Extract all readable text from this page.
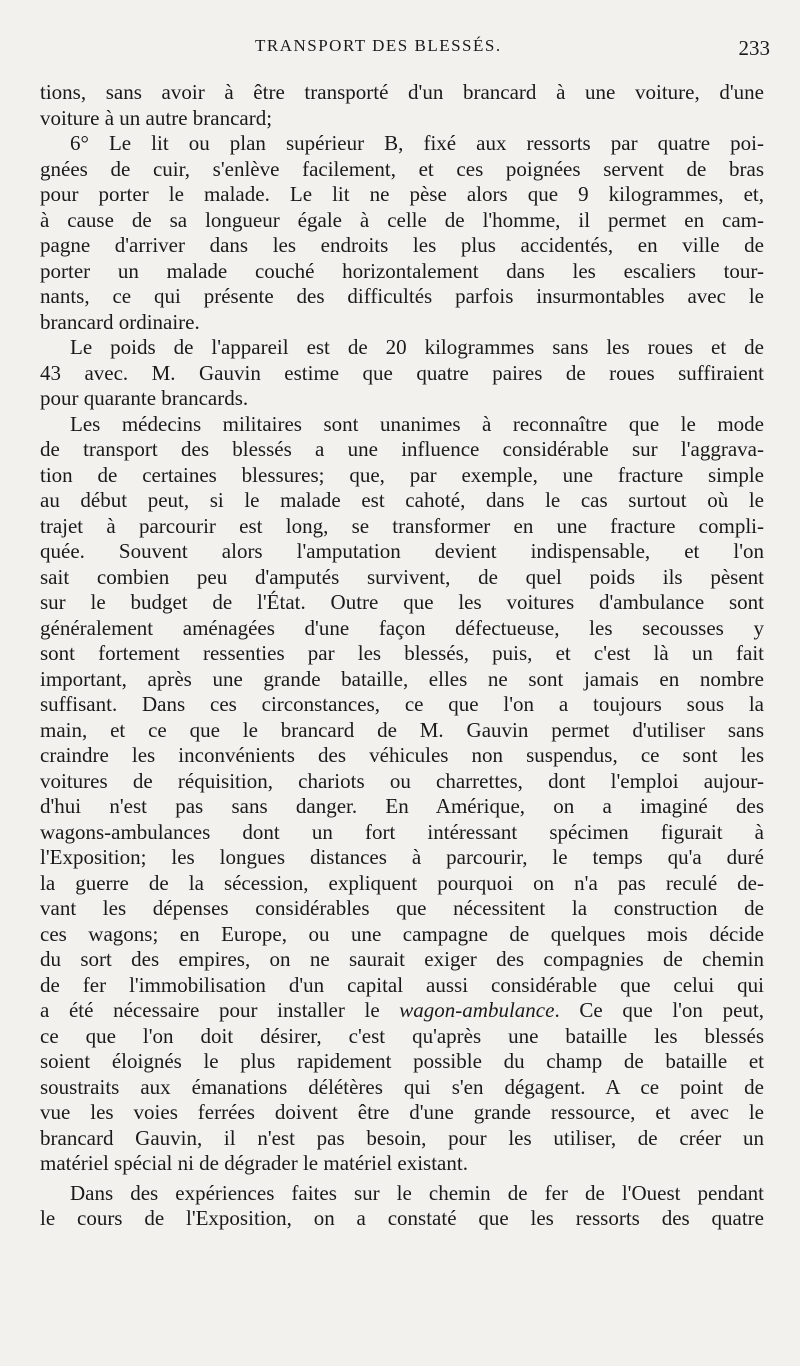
TRANSPORT DES BLESSÉS.	233
tions, sans avoir à être transporté d'un brancard à une voiture, d'une
voiture à un autre brancard;
6° Le lit ou plan supérieur B, fixé aux ressorts par quatre poi-
gnées de cuir, s'enlève facilement, et ces poignées servent de bras
pour porter le malade. Le lit ne pèse alors que 9 kilogrammes, et,
à cause de sa longueur égale à celle de l'homme, il permet en cam-
pagne d'arriver dans les endroits les plus accidentés, en ville de
porter un malade couché horizontalement dans les escaliers tour-
nants, ce qui présente des difficultés parfois insurmontables avec le
brancard ordinaire.
Le poids de l'appareil est de 20 kilogrammes sans les roues et de
43 avec. M. Gauvin estime que quatre paires de roues suffiraient
pour quarante brancards.
Les médecins militaires sont unanimes à reconnaître que le mode
de transport des blessés a une influence considérable sur l'aggrava-
tion de certaines blessures; que, par exemple, une fracture simple
au début peut, si le malade est cahoté, dans le cas surtout où le
trajet à parcourir est long, se transformer en une fracture compli-
quée. Souvent alors l'amputation devient indispensable, et l'on
sait combien peu d'amputés survivent, de quel poids ils pèsent
sur le budget de l'État. Outre que les voitures d'ambulance sont
généralement aménagées d'une façon défectueuse, les secousses y
sont fortement ressenties par les blessés, puis, et c'est là un fait
important, après une grande bataille, elles ne sont jamais en nombre
suffisant. Dans ces circonstances, ce que l'on a toujours sous la
main, et ce que le brancard de M. Gauvin permet d'utiliser sans
craindre les inconvénients des véhicules non suspendus, ce sont les
voitures de réquisition, chariots ou charrettes, dont l'emploi aujour-
d'hui n'est pas sans danger. En Amérique, on a imaginé des
wagons-ambulances dont un fort intéressant spécimen figurait à
l'Exposition; les longues distances à parcourir, le temps qu'a duré
la guerre de la sécession, expliquent pourquoi on n'a pas reculé de-
vant les dépenses considérables que nécessitent la construction de
ces wagons; en Europe, ou une campagne de quelques mois décide
du sort des empires, on ne saurait exiger des compagnies de chemin
de fer l'immobilisation d'un capital aussi considérable que celui qui
a été nécessaire pour installer le wagon-ambulance. Ce que l'on peut,
ce que l'on doit désirer, c'est qu'après une bataille les blessés
soient éloignés le plus rapidement possible du champ de bataille et
soustraits aux émanations délétères qui s'en dégagent. A ce point de
vue les voies ferrées doivent être d'une grande ressource, et avec le
brancard Gauvin, il n'est pas besoin, pour les utiliser, de créer un
matériel spécial ni de dégrader le matériel existant.
Dans des expériences faites sur le chemin de fer de l'Ouest pendant
le cours de l'Exposition, on a constaté que les ressorts des quatre
